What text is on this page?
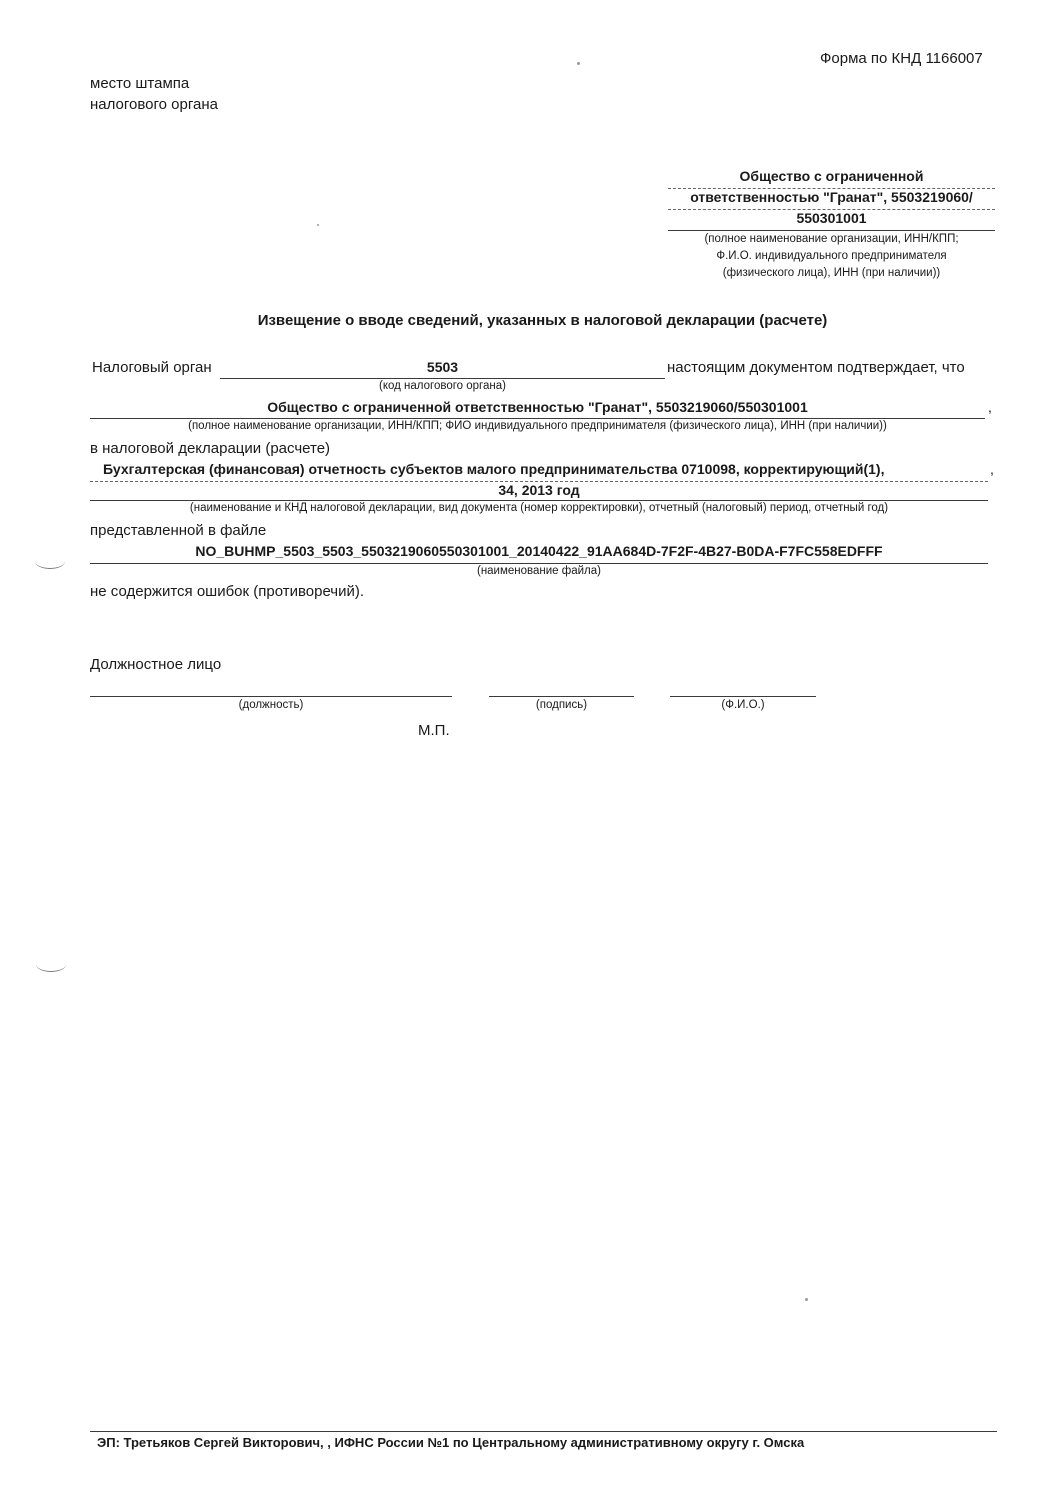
Форма по КНД 1166007
место штампа
налогового органа
Общество с ограниченной
ответственностью "Гранат", 5503219060/
550301001
(полное наименование организации, ИНН/КПП;
Ф.И.О. индивидуального предпринимателя
(физического лица), ИНН (при наличии))
Извещение о вводе сведений, указанных в налоговой декларации (расчете)
Налоговый орган	5503	настоящим документом подтверждает, что
(код налогового органа)
Общество с ограниченной ответственностью "Гранат", 5503219060/550301001	,
(полное наименование организации, ИНН/КПП; ФИО индивидуального предпринимателя (физического лица), ИНН (при наличии))
в налоговой декларации (расчете)
Бухгалтерская (финансовая) отчетность субъектов малого предпринимательства 0710098, корректирующий(1),	,
34, 2013 год
(наименование и КНД налоговой декларации, вид документа (номер корректировки), отчетный (налоговый) период, отчетный год)
представленной в файле
NO_BUHMP_5503_5503_5503219060550301001_20140422_91AA684D-7F2F-4B27-B0DA-F7FC558EDFFF
(наименование файла)
не содержится ошибок (противоречий).
Должностное лицо
(должность)	(подпись)	(Ф.И.О.)
М.П.
ЭП: Третьяков Сергей Викторович, , ИФНС России №1 по Центральному административному округу г. Омска
